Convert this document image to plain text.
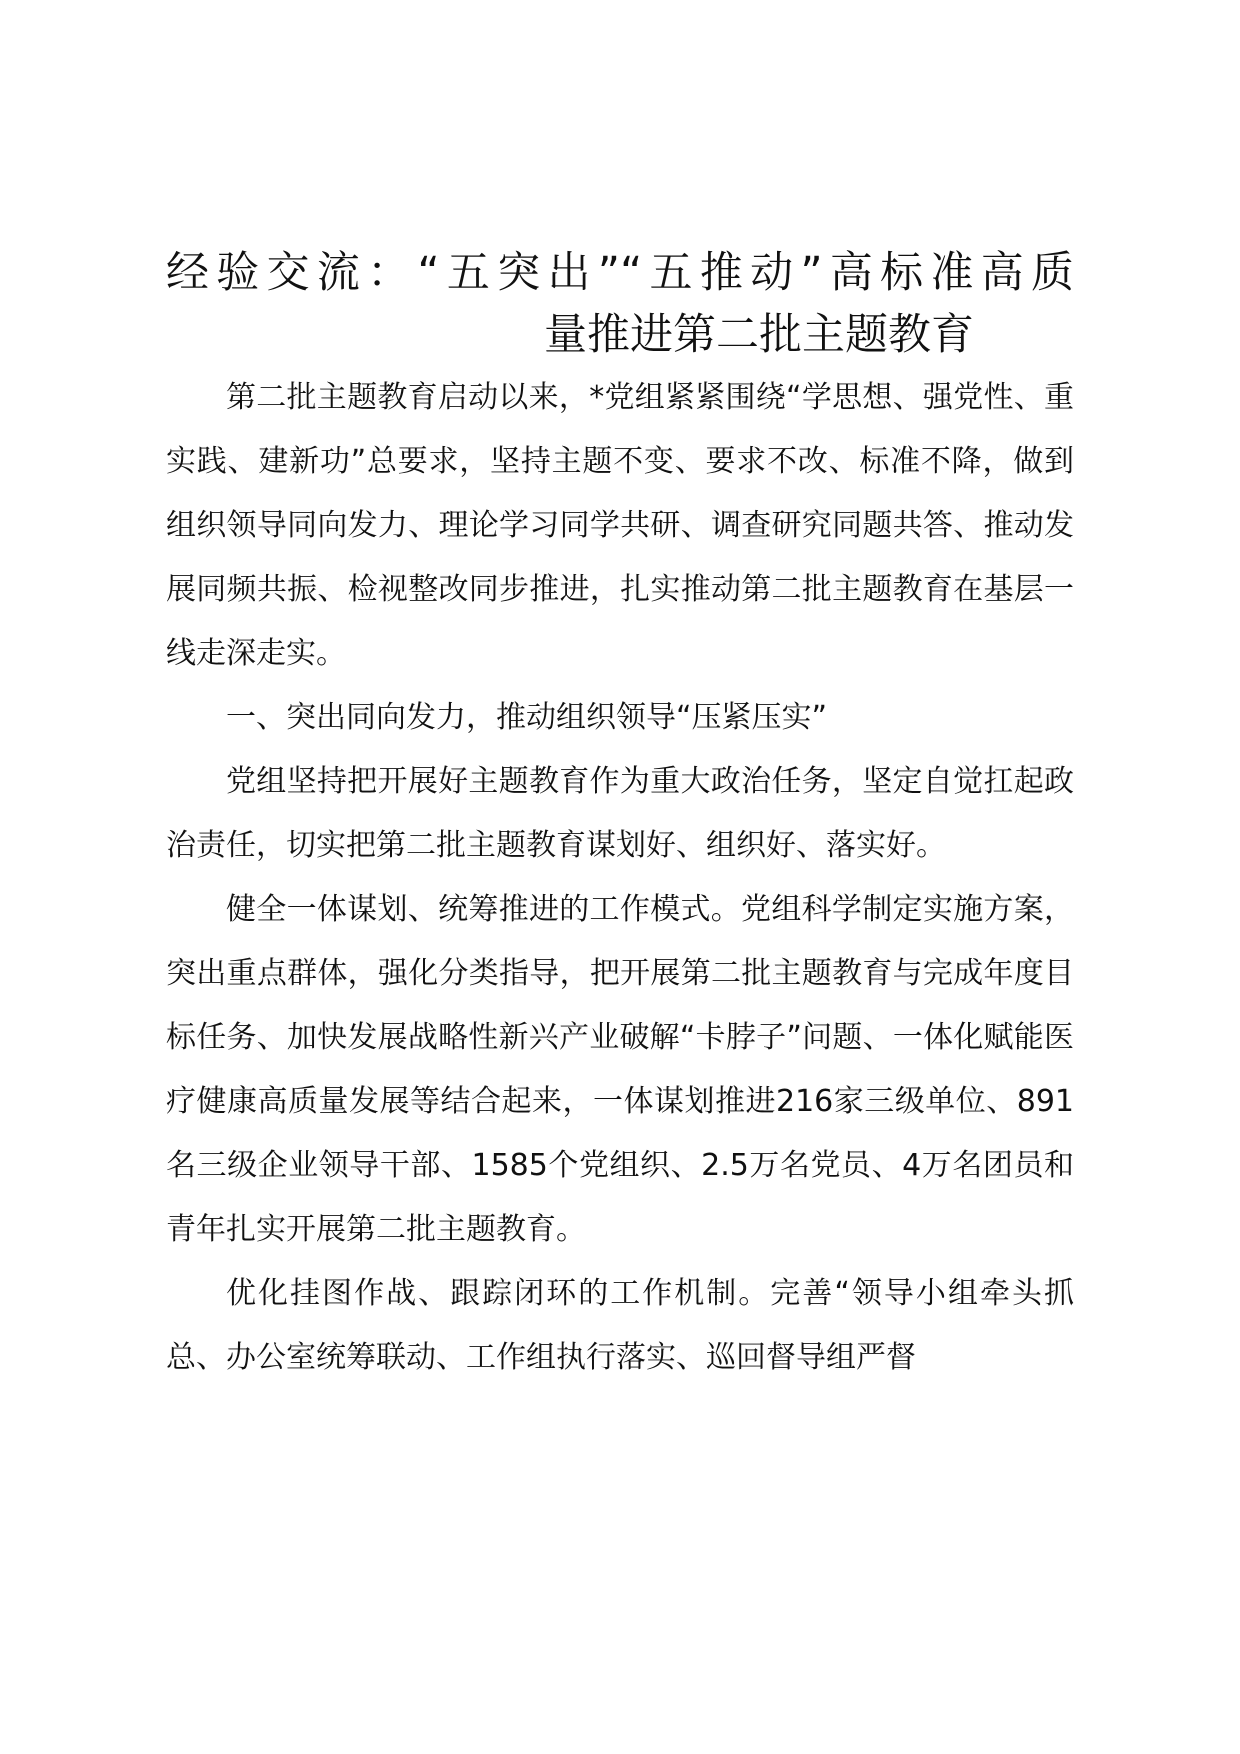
经验交流：“五突出”“五推动”高标准高质
量推进第二批主题教育

第二批主题教育启动以来，*党组紧紧围绕“学思想、强党性、重实践、建新功”总要求，坚持主题不变、要求不改、标准不降，做到组织领导同向发力、理论学习同学共研、调查研究同题共答、推动发展同频共振、检视整改同步推进，扎实推动第二批主题教育在基层一线走深走实。

一、突出同向发力，推动组织领导“压紧压实”

党组坚持把开展好主题教育作为重大政治任务，坚定自觉扛起政治责任，切实把第二批主题教育谋划好、组织好、落实好。

健全一体谋划、统筹推进的工作模式。党组科学制定实施方案，突出重点群体，强化分类指导，把开展第二批主题教育与完成年度目标任务、加快发展战略性新兴产业破解“卡脖子”问题、一体化赋能医疗健康高质量发展等结合起来，一体谋划推进216家三级单位、891名三级企业领导干部、1585个党组织、2.5万名党员、4万名团员和青年扎实开展第二批主题教育。

优化挂图作战、跟踪闭环的工作机制。完善“领导小组牵头抓总、办公室统筹联动、工作组执行落实、巡回督导组严督
